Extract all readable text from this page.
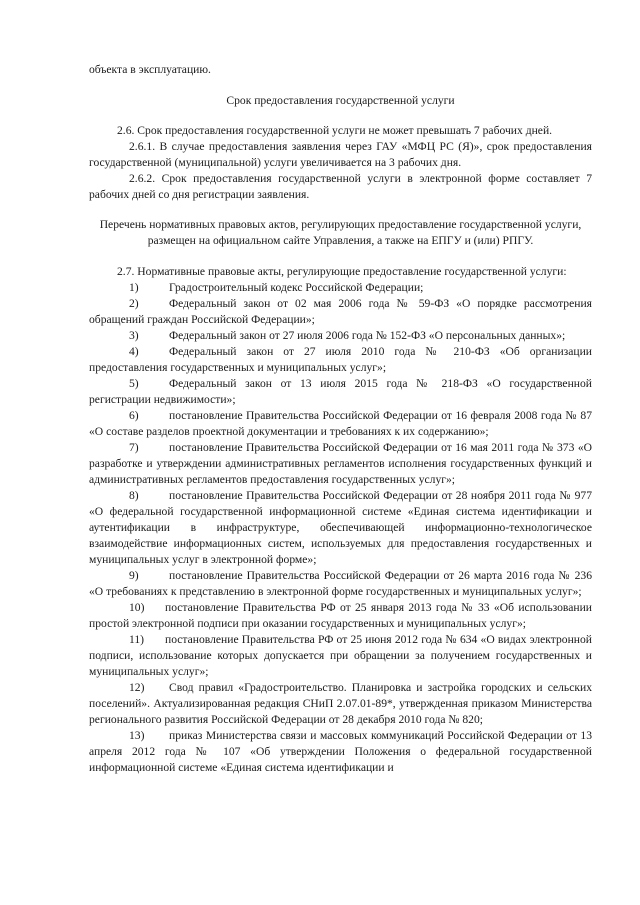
объекта в эксплуатацию.

Срок предоставления государственной услуги

2.6. Срок предоставления государственной услуги не может превышать 7 рабочих дней.

2.6.1. В случае предоставления заявления через ГАУ «МФЦ РС (Я)», срок предоставления государственной (муниципальной) услуги увеличивается на 3 рабочих дня.

2.6.2. Срок предоставления государственной услуги в электронной форме составляет 7 рабочих дней со дня регистрации заявления.

Перечень нормативных правовых актов, регулирующих предоставление государственной услуги, размещен на официальном сайте Управления, а также на ЕПГУ и (или) РПГУ.

2.7. Нормативные правовые акты, регулирующие предоставление государственной услуги:

1)	Градостроительный кодекс Российской Федерации;

2)	Федеральный закон от 02 мая 2006 года № 59-ФЗ «О порядке рассмотрения обращений граждан Российской Федерации»;

3)	Федеральный закон от 27 июля 2006 года № 152-ФЗ «О персональных данных»;

4)	Федеральный закон от 27 июля 2010 года № 210-ФЗ «Об организации предоставления государственных и муниципальных услуг»;

5)	Федеральный закон от 13 июля 2015 года № 218-ФЗ «О государственной регистрации недвижимости»;

6)	постановление Правительства Российской Федерации от 16 февраля 2008 года № 87 «О составе разделов проектной документации и требованиях к их содержанию»;

7)	постановление Правительства Российской Федерации от 16 мая 2011 года № 373 «О разработке и утверждении административных регламентов исполнения государственных функций и административных регламентов предоставления государственных услуг»;

8)	постановление Правительства Российской Федерации от 28 ноября 2011 года № 977 «О федеральной государственной информационной системе «Единая система идентификации и аутентификации в инфраструктуре, обеспечивающей информационно-технологическое взаимодействие информационных систем, используемых для предоставления государственных и муниципальных услуг в электронной форме»;

9)	постановление Правительства Российской Федерации от 26 марта 2016 года № 236 «О требованиях к представлению в электронной форме государственных и муниципальных услуг»;

10) постановление Правительства РФ от 25 января 2013 года № 33 «Об использовании простой электронной подписи при оказании государственных и муниципальных услуг»;

11) постановление Правительства РФ от 25 июня 2012 года № 634 «О видах электронной подписи, использование которых допускается при обращении за получением государственных и муниципальных услуг»;

12) Свод правил «Градостроительство. Планировка и застройка городских и сельских поселений». Актуализированная редакция СНиП 2.07.01-89*, утвержденная приказом Министерства регионального развития Российской Федерации от 28 декабря 2010 года № 820;

13) приказ Министерства связи и массовых коммуникаций Российской Федерации от 13 апреля 2012 года № 107 «Об утверждении Положения о федеральной государственной информационной системе «Единая система идентификации и
